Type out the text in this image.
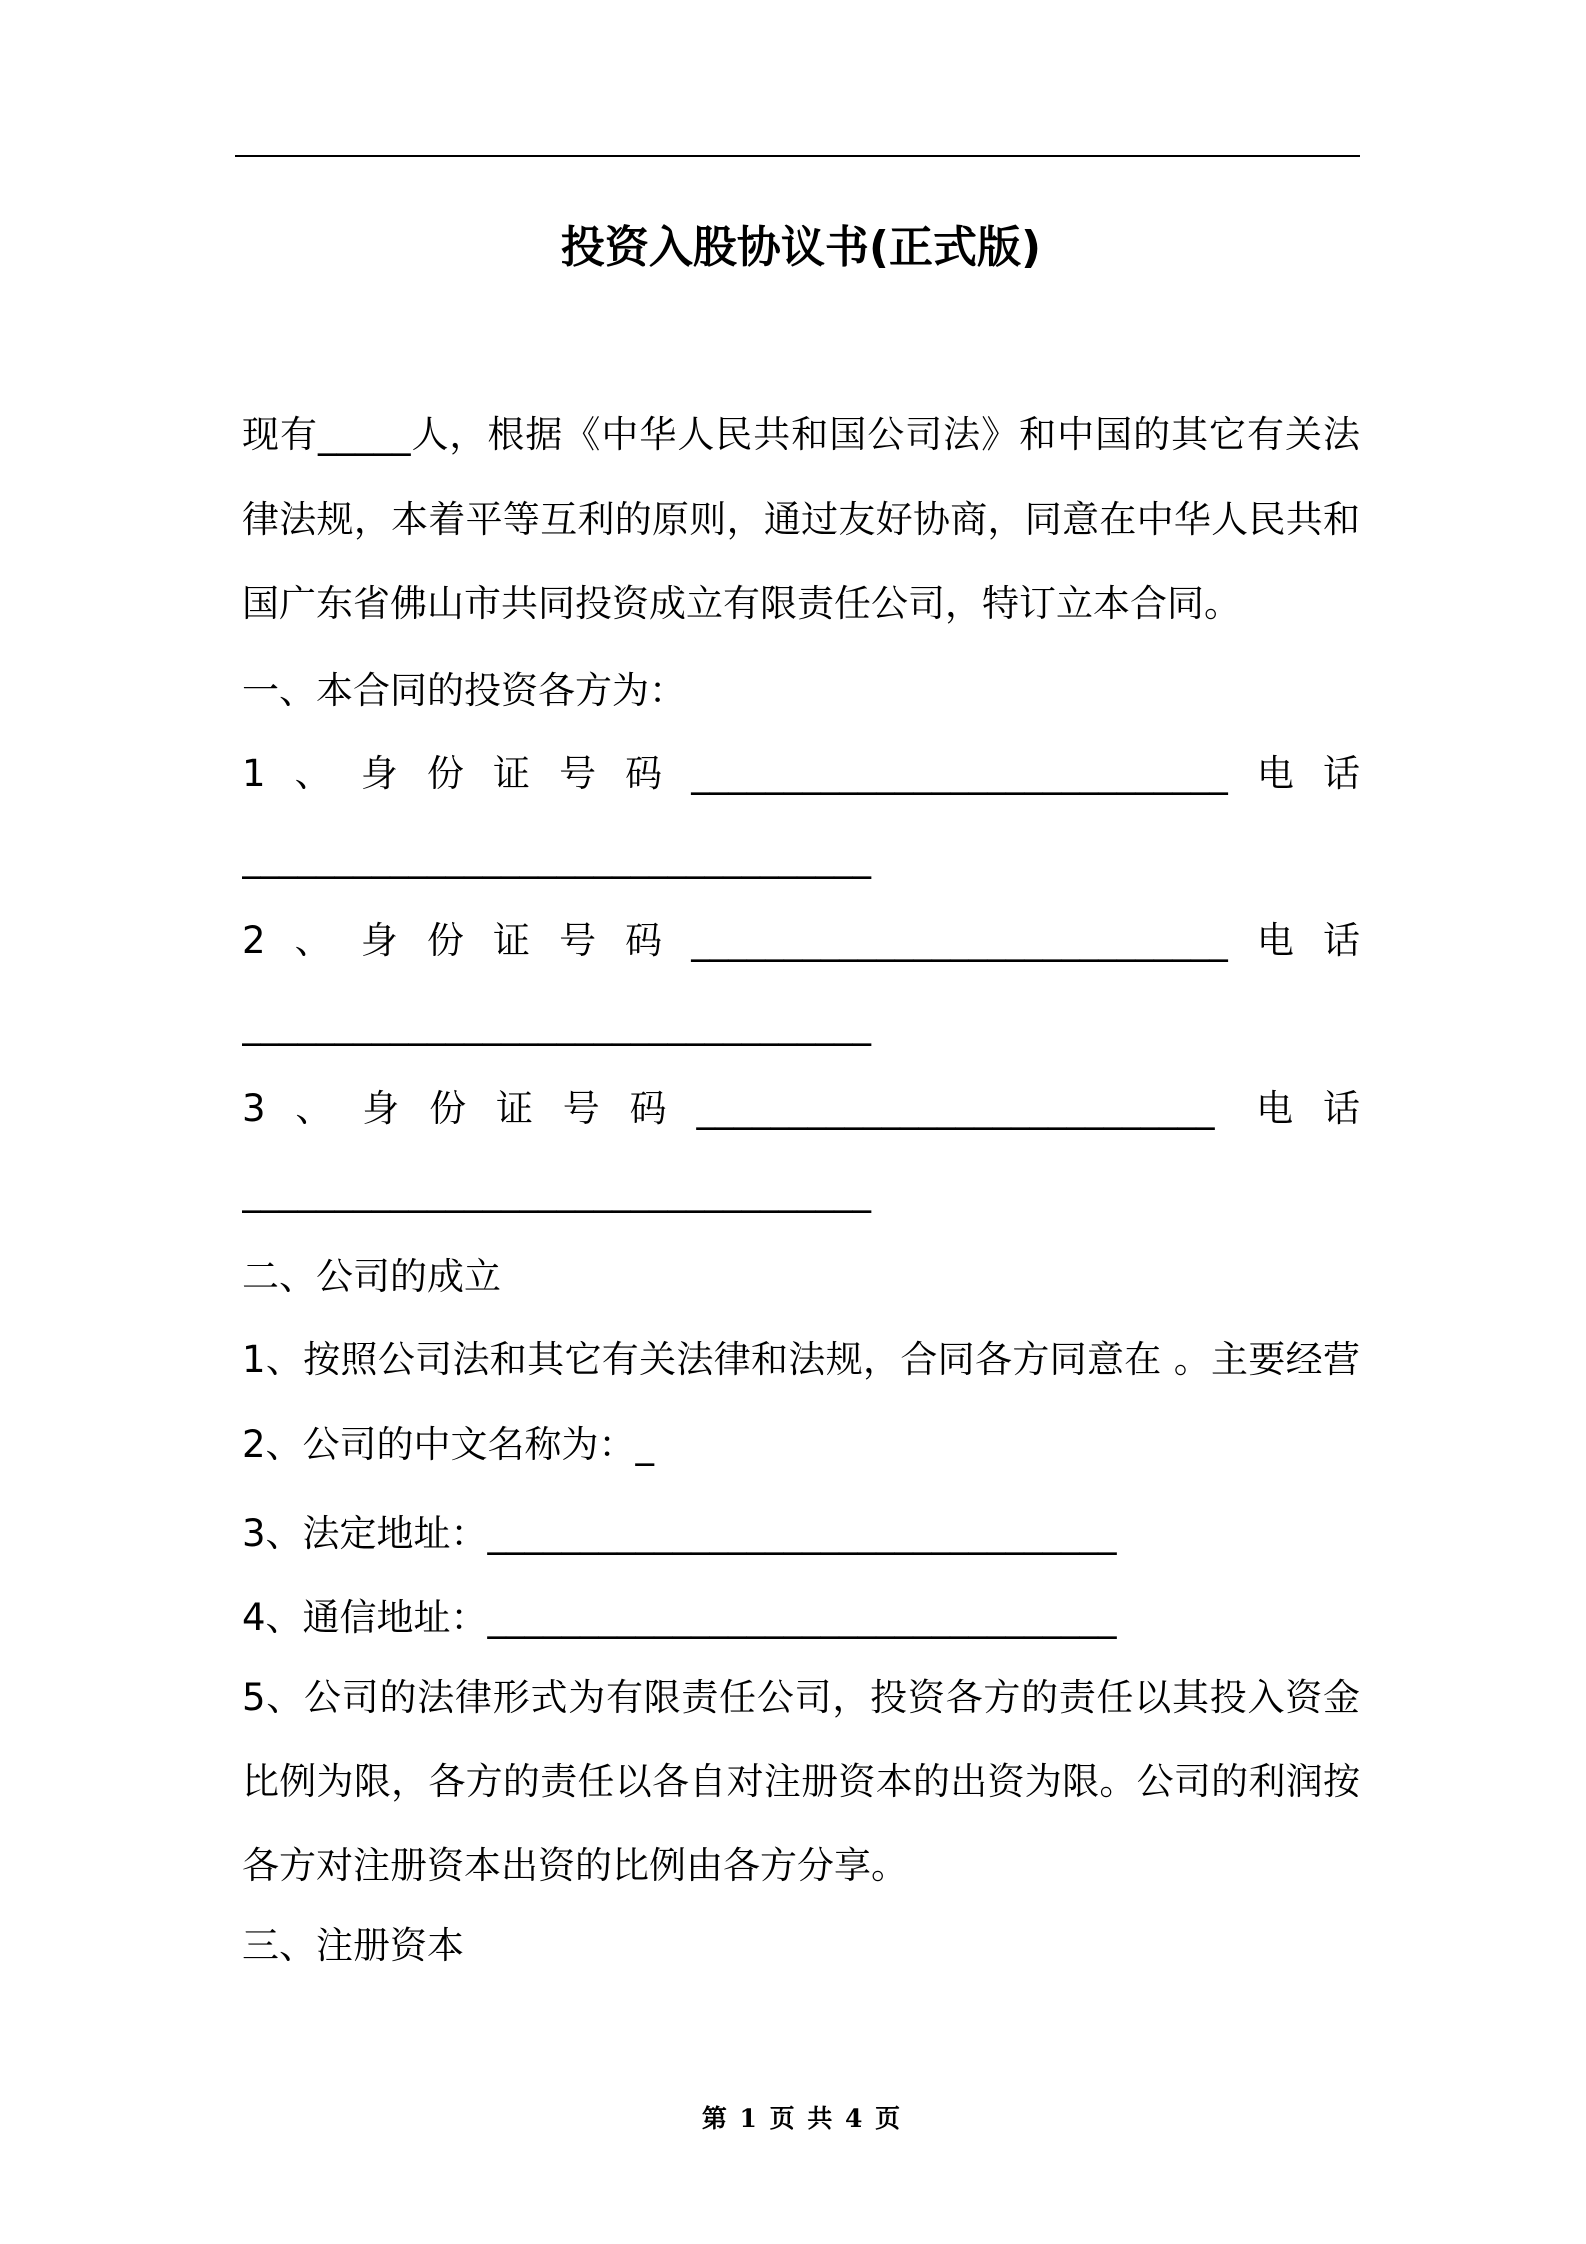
投资入股协议书(正式版)
现有_____人，根据《中华人民共和国公司法》和中国的其它有关法
律法规，本着平等互利的原则，通过友好协商，同意在中华人民共和
国广东省佛山市共同投资成立有限责任公司，特订立本合同。
一、本合同的投资各方为：
1、身份证号码_____________________________电话
__________________________________
2、身份证号码_____________________________电话
__________________________________
3、身份证号码____________________________ 电话
__________________________________
二、公司的成立
1、按照公司法和其它有关法律和法规，合同各方同意在 。主要经营
2、公司的中文名称为：_
3、法定地址：__________________________________
4、通信地址：__________________________________
5、公司的法律形式为有限责任公司，投资各方的责任以其投入资金
比例为限，各方的责任以各自对注册资本的出资为限。公司的利润按
各方对注册资本出资的比例由各方分享。
三、注册资本
第 1 页 共 4 页
